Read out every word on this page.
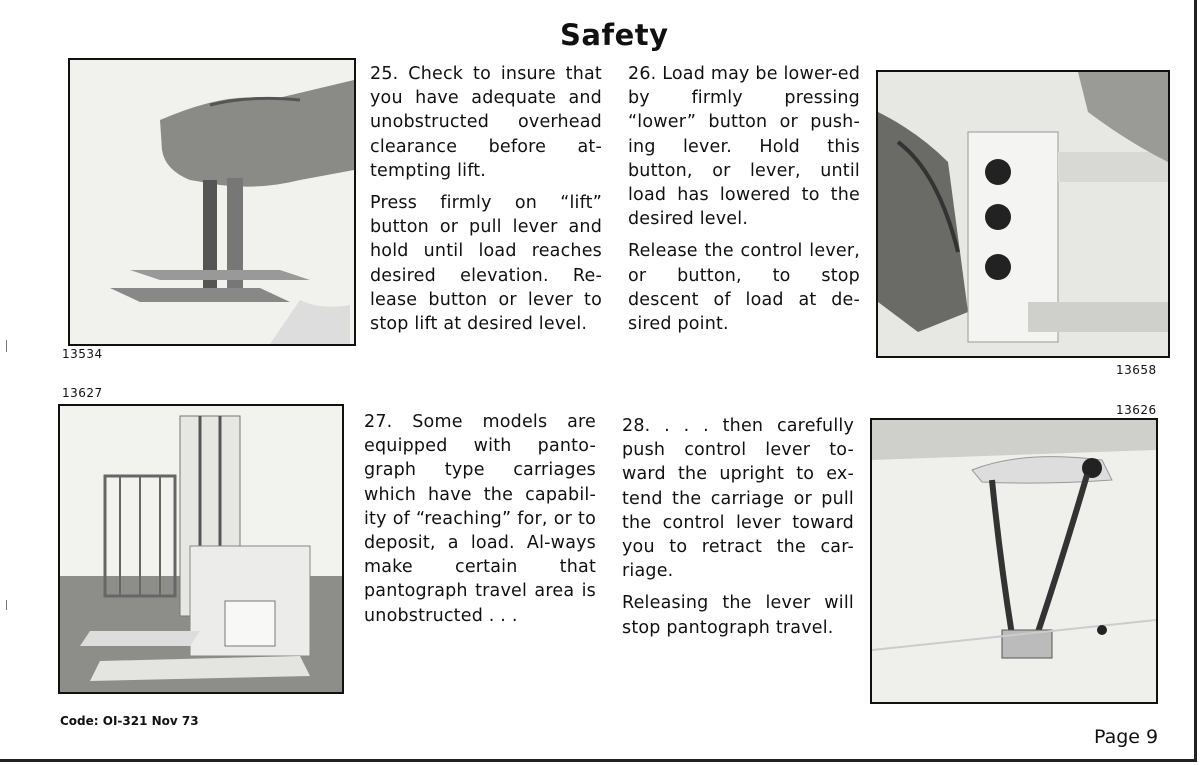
Safety
13534

25. Check to insure that you have adequate and unobstructed overhead clearance before at-tempting lift.

Press firmly on “lift” button or pull lever and hold until load reaches desired elevation. Re-lease button or lever to stop lift at desired level.

26. Load may be lower-ed by firmly pressing “lower” button or push-ing lever. Hold this button, or lever, until load has lowered to the desired level.

Release the control lever, or button, to stop descent of load at de-sired point.

13658
13627

27. Some models are equipped with panto-graph type carriages which have the capabil-ity of “reaching” for, or to deposit, a load. Al-ways make certain that pantograph travel area is unobstructed . . .

28. . . . then carefully push control lever to-ward the upright to ex-tend the carriage or pull the control lever toward you to retract the car-riage.

Releasing the lever will stop pantograph travel.

13626
Code: OI-321 Nov 73
Page 9
